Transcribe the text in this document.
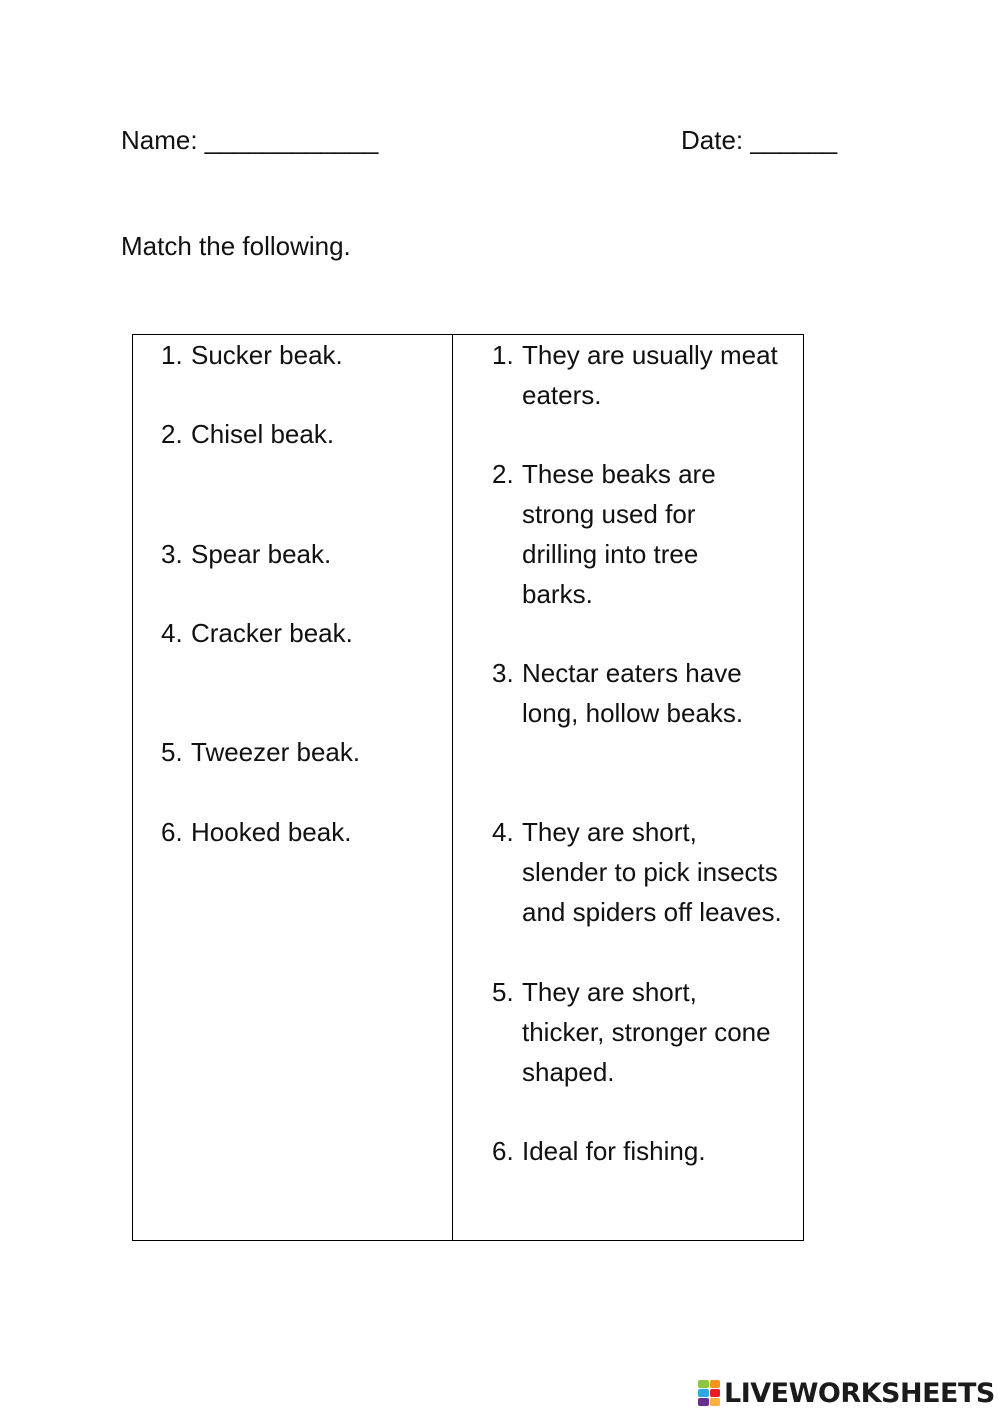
Name: ____________	Date: ______
Match the following.
1. Sucker beak.
2. Chisel beak.
3. Spear beak.
4. Cracker beak.
5. Tweezer beak.
6. Hooked beak.
1. They are usually meat
eaters.
2. These beaks are
strong used for
drilling into tree
barks.
3. Nectar eaters have
long, hollow beaks.
4. They are short,
slender to pick insects
and spiders off leaves.
5. They are short,
thicker, stronger cone
shaped.
6. Ideal for fishing.
LIVEWORKSHEETS
